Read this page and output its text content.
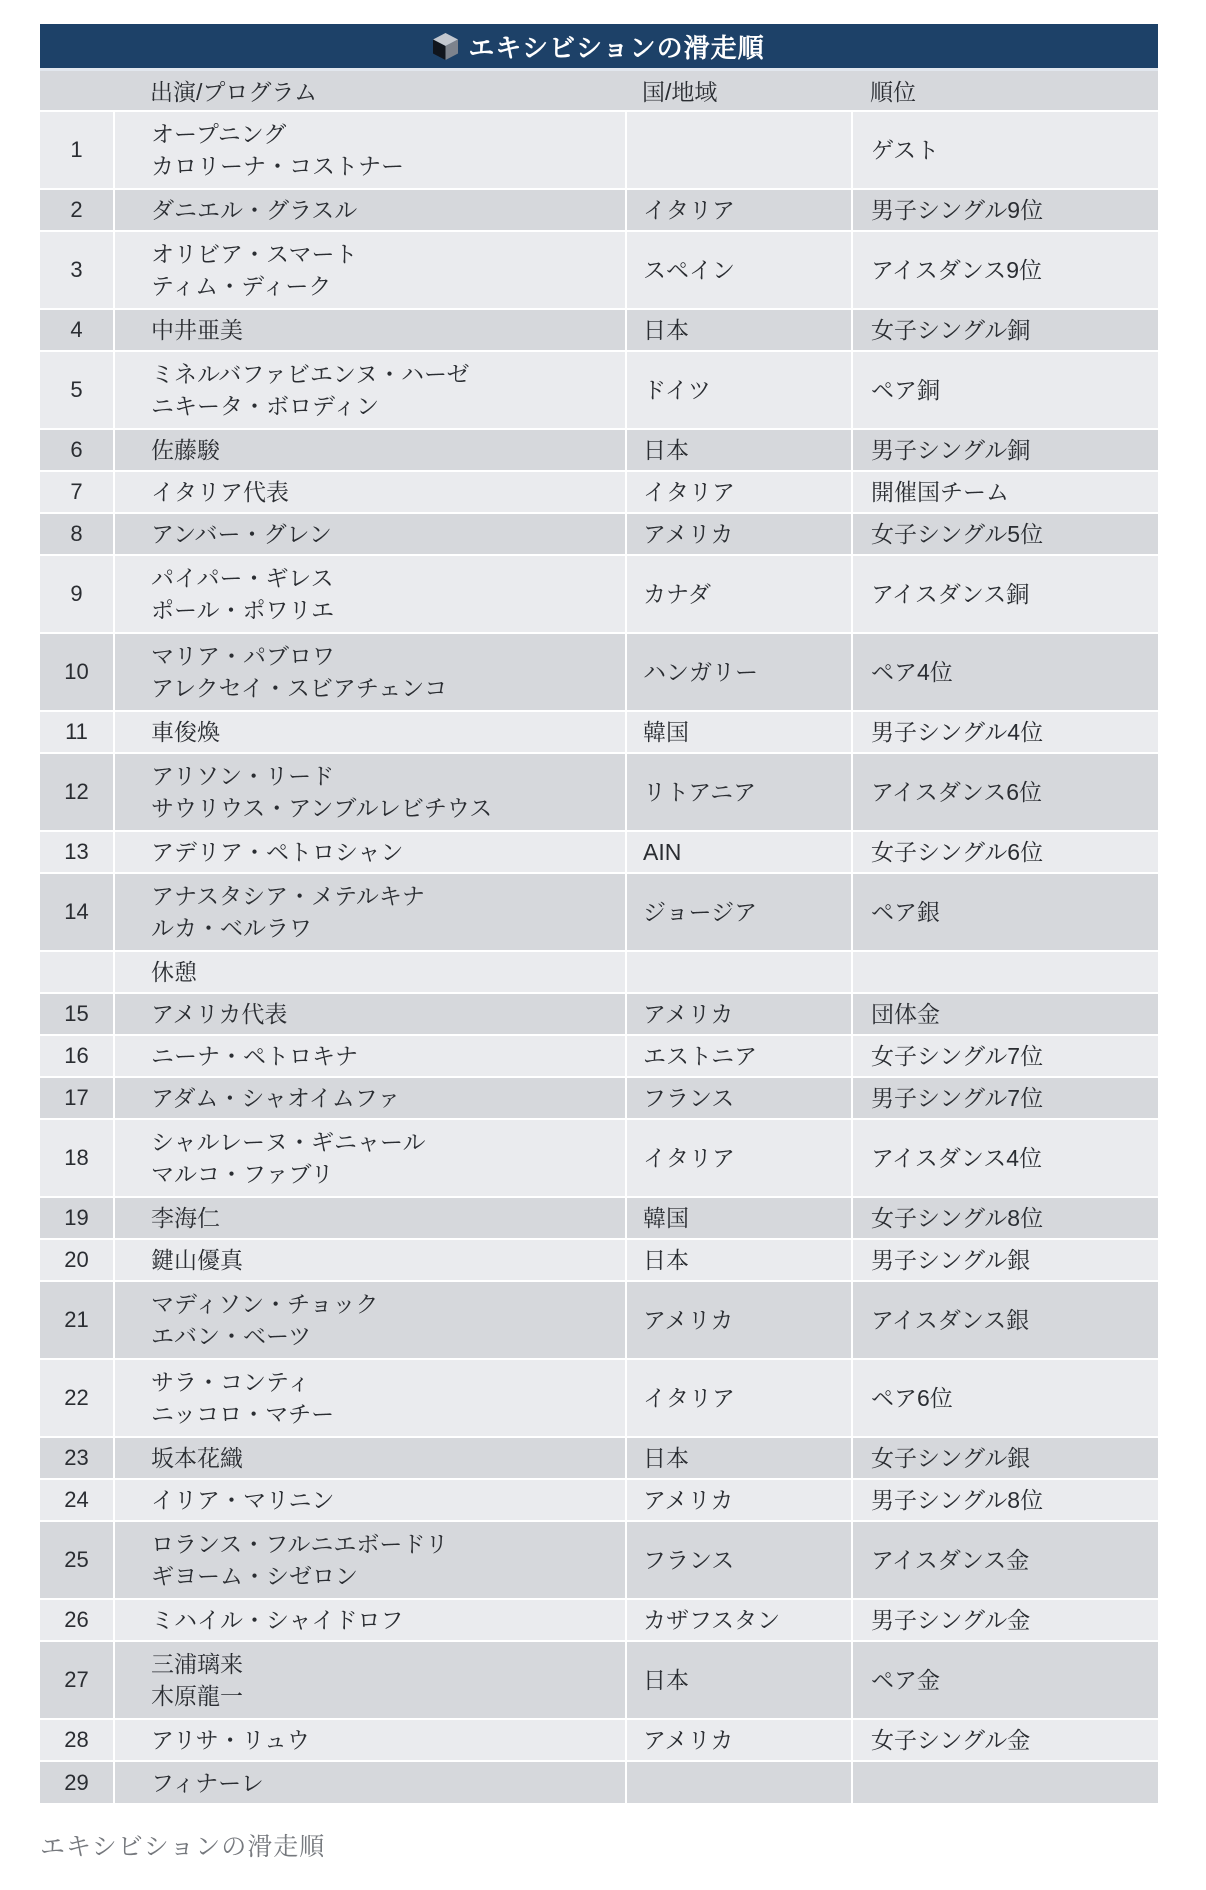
エキシビションの滑走順
	出演/プログラム	国/地域	順位
1	オープニング
カロリーナ・コストナー		ゲスト
2	ダニエル・グラスル	イタリア	男子シングル9位
3	オリビア・スマート
ティム・ディーク	スペイン	アイスダンス9位
4	中井亜美	日本	女子シングル銅
5	ミネルバファビエンヌ・ハーゼ
ニキータ・ボロディン	ドイツ	ペア銅
6	佐藤駿	日本	男子シングル銅
7	イタリア代表	イタリア	開催国チーム
8	アンバー・グレン	アメリカ	女子シングル5位
9	パイパー・ギレス
ポール・ポワリエ	カナダ	アイスダンス銅
10	マリア・パブロワ
アレクセイ・スビアチェンコ	ハンガリー	ペア4位
11	車俊煥	韓国	男子シングル4位
12	アリソン・リード
サウリウス・アンブルレビチウス	リトアニア	アイスダンス6位
13	アデリア・ペトロシャン	AIN	女子シングル6位
14	アナスタシア・メテルキナ
ルカ・ベルラワ	ジョージア	ペア銀

	休憩		

15	アメリカ代表	アメリカ	団体金
16	ニーナ・ペトロキナ	エストニア	女子シングル7位
17	アダム・シャオイムファ	フランス	男子シングル7位
18	シャルレーヌ・ギニャール
マルコ・ファブリ	イタリア	アイスダンス4位
19	李海仁	韓国	女子シングル8位
20	鍵山優真	日本	男子シングル銀
21	マディソン・チョック
エバン・ベーツ	アメリカ	アイスダンス銀
22	サラ・コンティ
ニッコロ・マチー	イタリア	ペア6位
23	坂本花織	日本	女子シングル銀
24	イリア・マリニン	アメリカ	男子シングル8位
25	ロランス・フルニエボードリ
ギヨーム・シゼロン	フランス	アイスダンス金
26	ミハイル・シャイドロフ	カザフスタン	男子シングル金
27	三浦璃来
木原龍一	日本	ペア金
28	アリサ・リュウ	アメリカ	女子シングル金
29	フィナーレ		

エキシビションの滑走順
